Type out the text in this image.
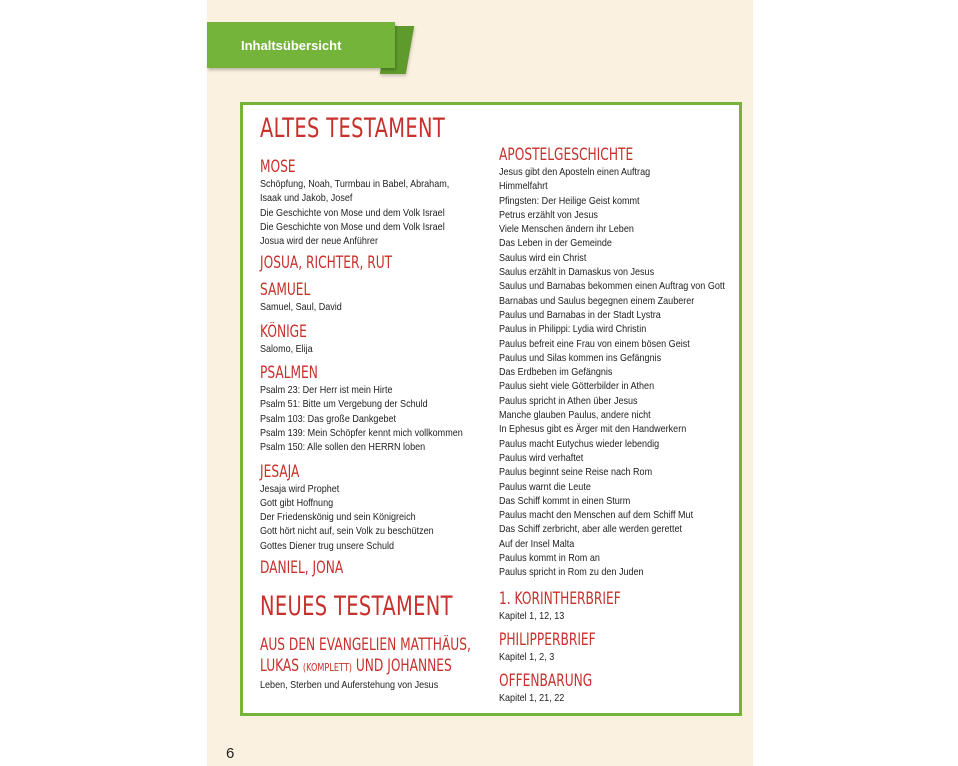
Inhaltsübersicht
ALTES TESTAMENT
MOSE
Schöpfung, Noah, Turmbau in Babel, Abraham, Isaak und Jakob, Josef
Die Geschichte von Mose und dem Volk Israel
Die Geschichte von Mose und dem Volk Israel
Josua wird der neue Anführer
JOSUA, RICHTER, RUT
SAMUEL
Samuel, Saul, David
KÖNIGE
Salomo, Elija
PSALMEN
Psalm 23: Der Herr ist mein Hirte
Psalm 51: Bitte um Vergebung der Schuld
Psalm 103: Das große Dankgebet
Psalm 139: Mein Schöpfer kennt mich vollkommen
Psalm 150: Alle sollen den HERRN loben
JESAJA
Jesaja wird Prophet
Gott gibt Hoffnung
Der Friedenskönig und sein Königreich
Gott hört nicht auf, sein Volk zu beschützen
Gottes Diener trug unsere Schuld
DANIEL, JONA
NEUES TESTAMENT
AUS DEN EVANGELIEN MATTHÄUS,
LUKAS (KOMPLETT) UND JOHANNES
Leben, Sterben und Auferstehung von Jesus
APOSTELGESCHICHTE
Jesus gibt den Aposteln einen Auftrag
Himmelfahrt
Pfingsten: Der Heilige Geist kommt
Petrus erzählt von Jesus
Viele Menschen ändern ihr Leben
Das Leben in der Gemeinde
Saulus wird ein Christ
Saulus erzählt in Damaskus von Jesus
Saulus und Barnabas bekommen einen Auftrag von Gott
Barnabas und Saulus begegnen einem Zauberer
Paulus und Barnabas in der Stadt Lystra
Paulus in Philippi: Lydia wird Christin
Paulus befreit eine Frau von einem bösen Geist
Paulus und Silas kommen ins Gefängnis
Das Erdbeben im Gefängnis
Paulus sieht viele Götterbilder in Athen
Paulus spricht in Athen über Jesus
Manche glauben Paulus, andere nicht
In Ephesus gibt es Ärger mit den Handwerkern
Paulus macht Eutychus wieder lebendig
Paulus wird verhaftet
Paulus beginnt seine Reise nach Rom
Paulus warnt die Leute
Das Schiff kommt in einen Sturm
Paulus macht den Menschen auf dem Schiff Mut
Das Schiff zerbricht, aber alle werden gerettet
Auf der Insel Malta
Paulus kommt in Rom an
Paulus spricht in Rom zu den Juden
1. KORINTHERBRIEF
Kapitel 1, 12, 13
PHILIPPERBRIEF
Kapitel 1, 2, 3
OFFENBARUNG
Kapitel 1, 21, 22
6
